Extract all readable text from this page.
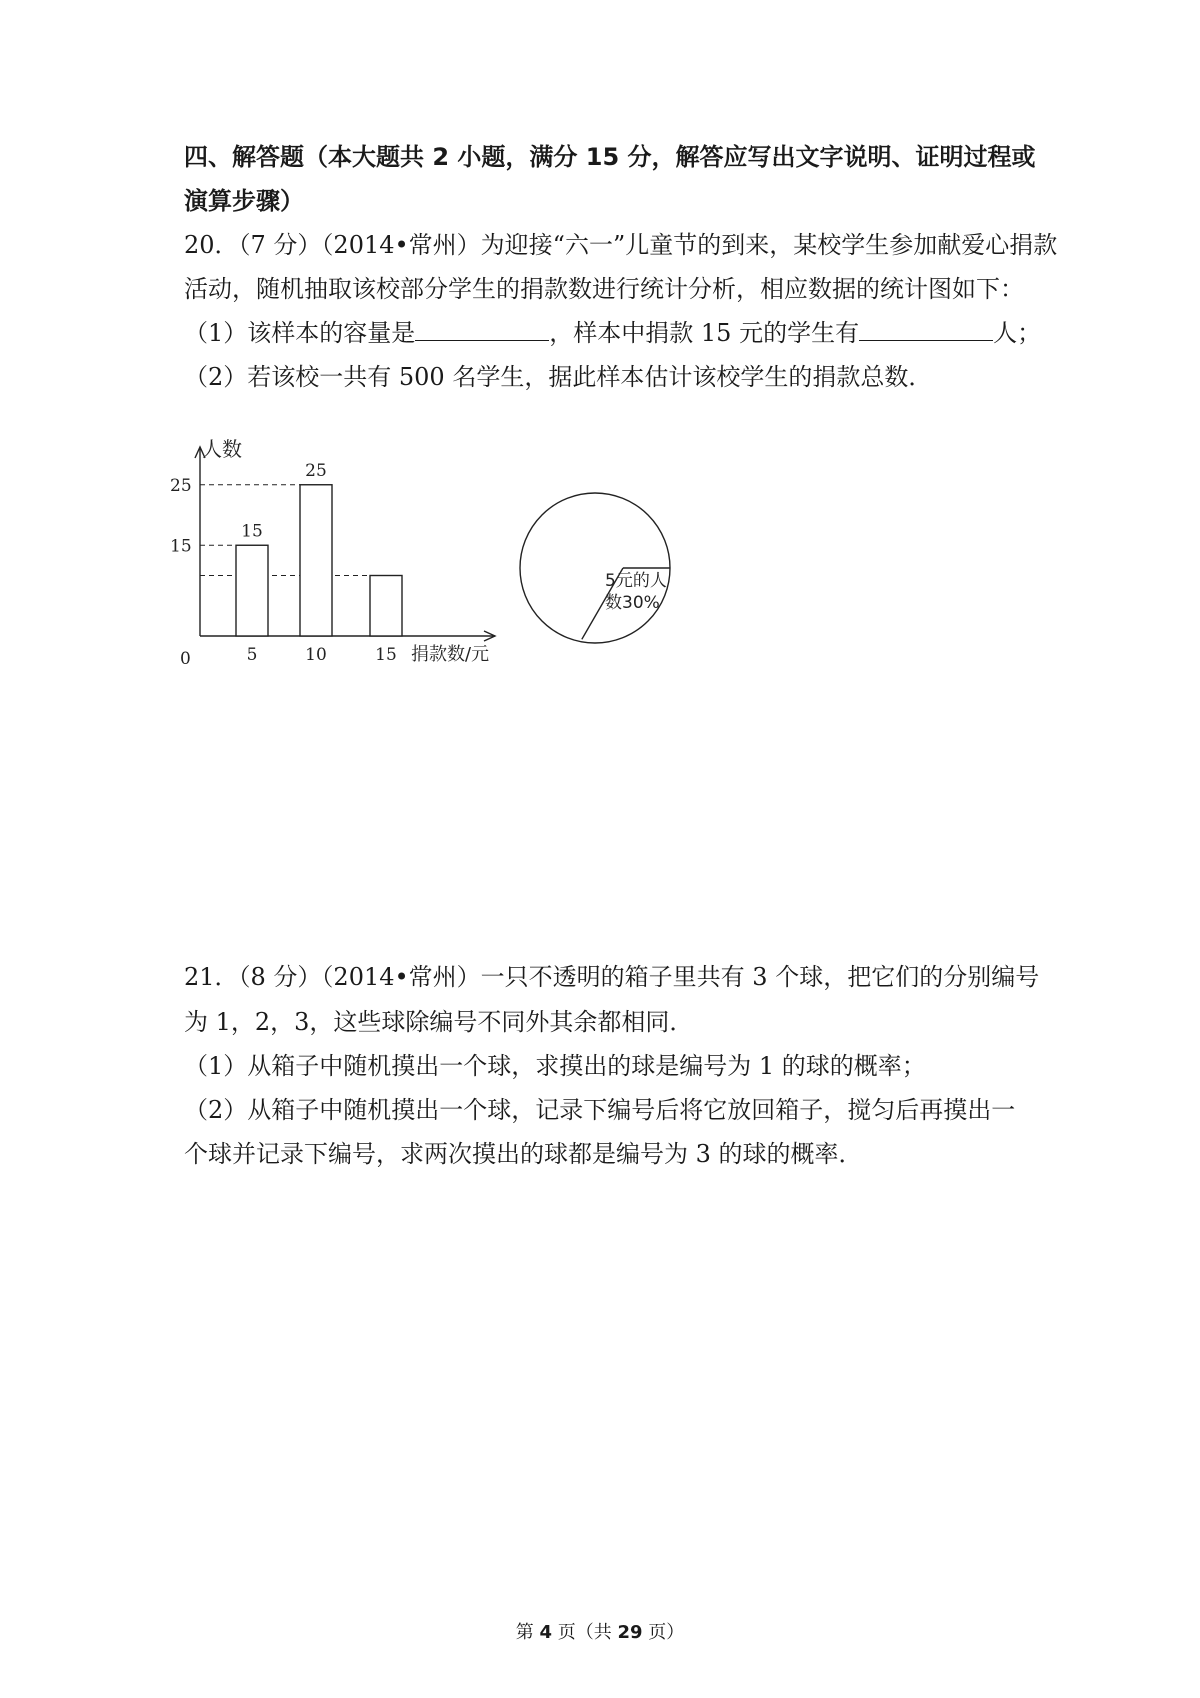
四、解答题（本大题共 2 小题，满分 15 分，解答应写出文字说明、证明过程或
演算步骤）
20．（7 分）（2014•常州）为迎接“六一”儿童节的到来，某校学生参加献爱心捐款
活动，随机抽取该校部分学生的捐款数进行统计分析，相应数据的统计图如下：
（1）该样本的容量是	，样本中捐款 15 元的学生有	人；
（2）若该校一共有 500 名学生，据此样本估计该校学生的捐款总数．
人数
捐款数/元
0
15
25
5
15
10
25
15
5元的人
数30%
21．（8 分）（2014•常州）一只不透明的箱子里共有 3 个球，把它们的分别编号
为 1，2，3，这些球除编号不同外其余都相同．
（1）从箱子中随机摸出一个球，求摸出的球是编号为 1 的球的概率；
（2）从箱子中随机摸出一个球，记录下编号后将它放回箱子，搅匀后再摸出一
个球并记录下编号，求两次摸出的球都是编号为 3 的球的概率．
第 4 页（共 29 页）
